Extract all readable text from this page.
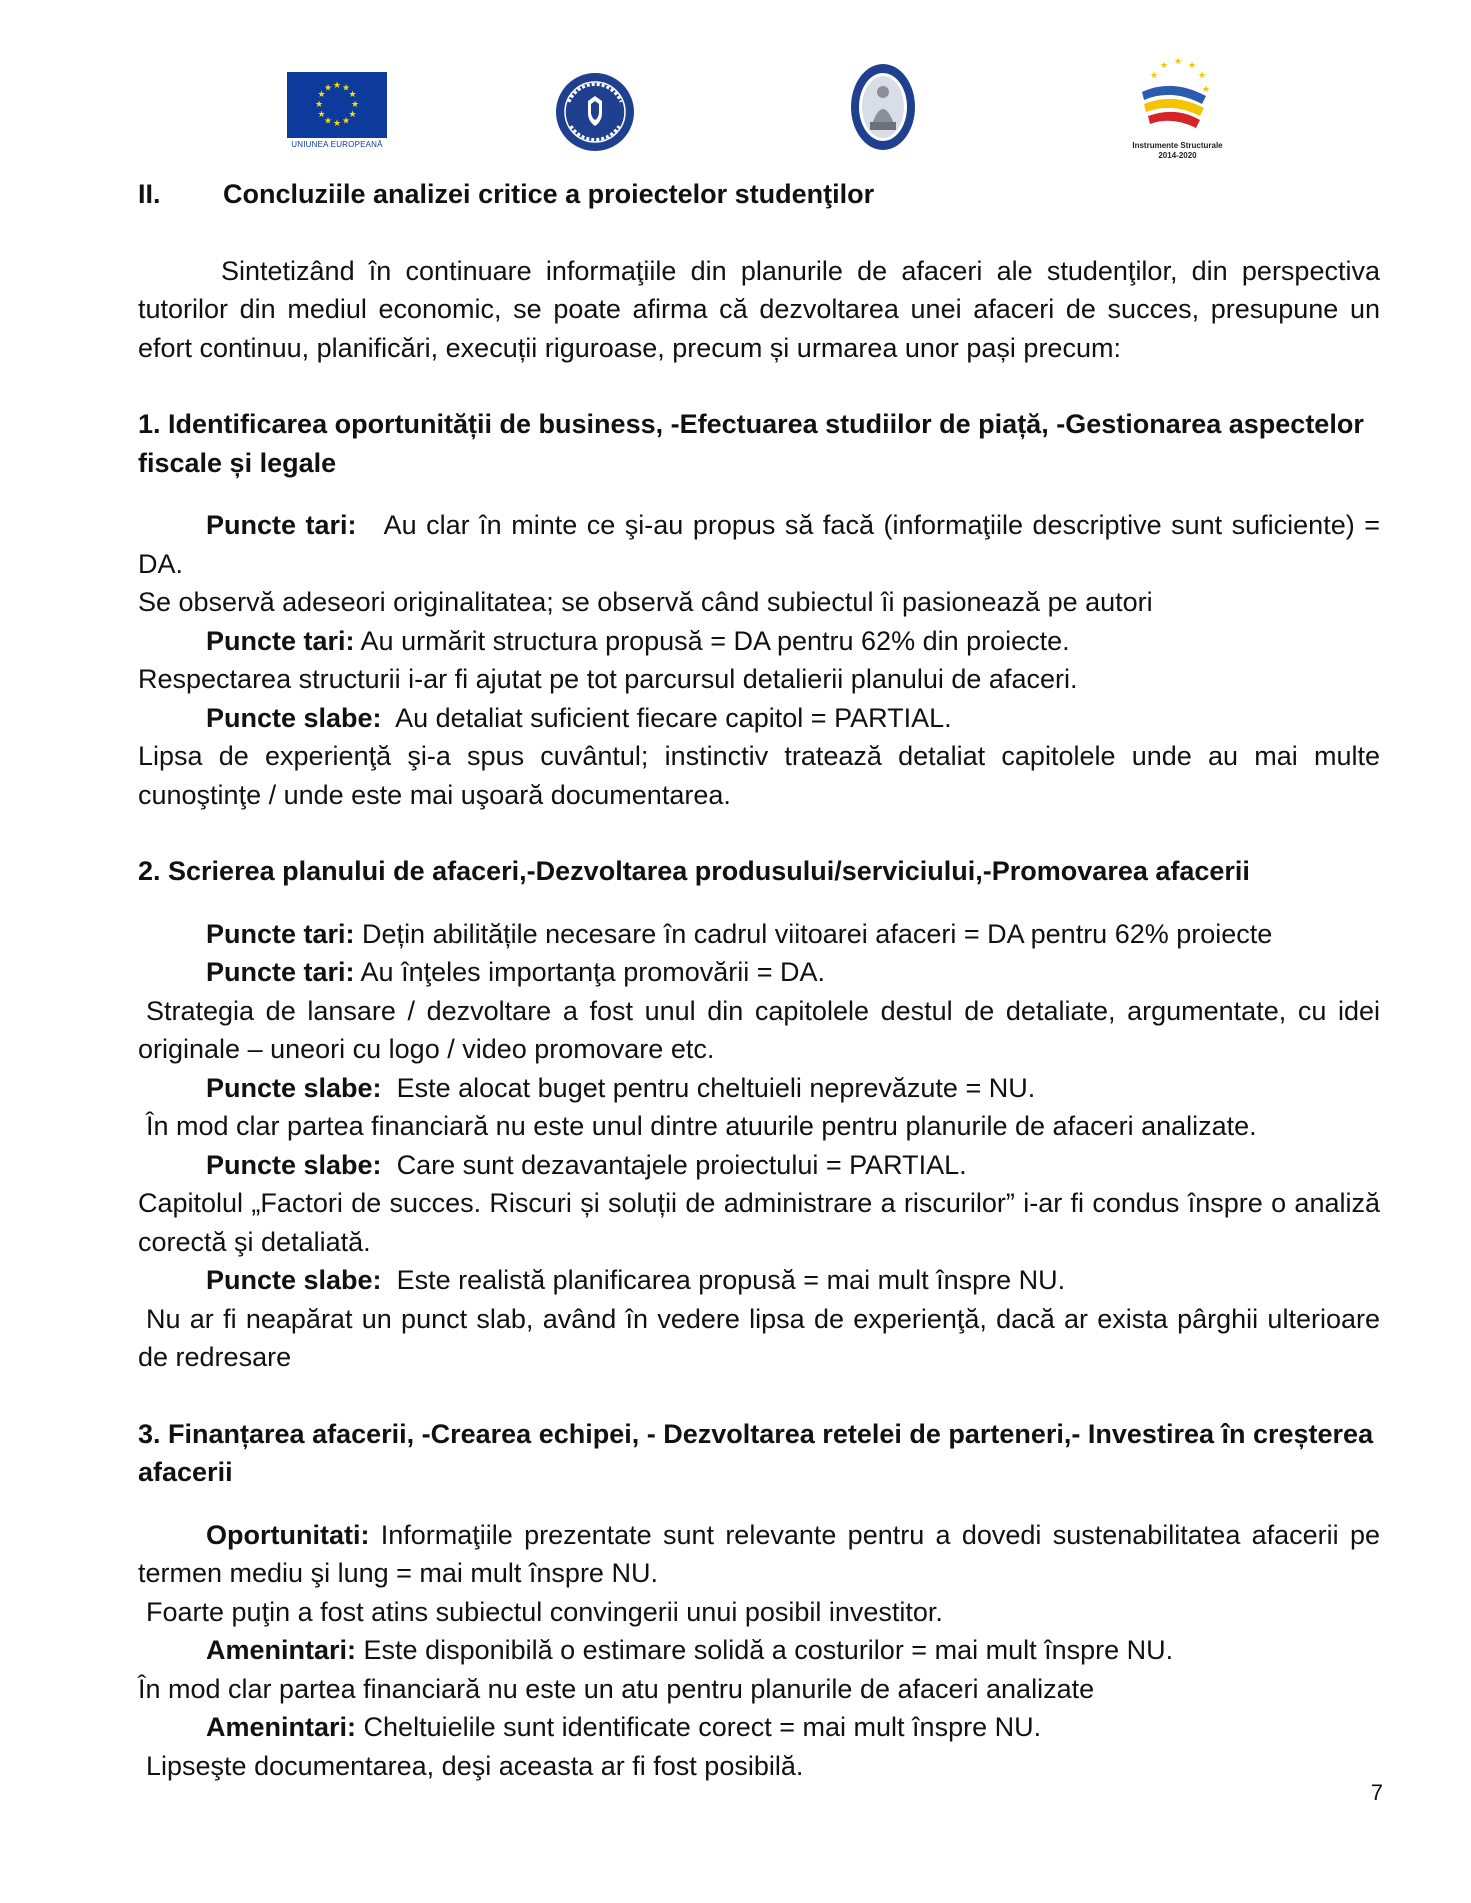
★ ★
★
★
★
★
★
★
★
★
★
★
UNIUNEA EUROPEANĂ
★ ★
★
★
★
★
Instrumente Structurale
2014-2020

II. Concluziile analizei critice a proiectelor studenţilor

Sintetizând în continuare informaţiile din planurile de afaceri ale studenţilor, din perspectiva tutorilor din mediul economic, se poate afirma că dezvoltarea unei afaceri de succes, presupune un efort continuu, planificări, execuții riguroase, precum și urmarea unor pași precum:

1. Identificarea oportunității de business, -Efectuarea studiilor de piață, -Gestionarea aspectelor fiscale și legale

Puncte tari: Au clar în minte ce şi-au propus să facă (informaţiile descriptive sunt suficiente) = DA.

Se observă adeseori originalitatea; se observă când subiectul îi pasionează pe autori

Puncte tari: Au urmărit structura propusă = DA pentru 62% din proiecte.

Respectarea structurii i-ar fi ajutat pe tot parcursul detalierii planului de afaceri.

Puncte slabe: Au detaliat suficient fiecare capitol = PARTIAL.

Lipsa de experienţă şi-a spus cuvântul; instinctiv tratează detaliat capitolele unde au mai multe cunoştinţe / unde este mai uşoară documentarea.

2. Scrierea planului de afaceri,-Dezvoltarea produsului/serviciului,-Promovarea afacerii

Puncte tari: Dețin abilitățile necesare în cadrul viitoarei afaceri = DA pentru 62% proiecte

Puncte tari: Au înţeles importanţa promovării = DA.

Strategia de lansare / dezvoltare a fost unul din capitolele destul de detaliate, argumentate, cu idei originale – uneori cu logo / video promovare etc.

Puncte slabe: Este alocat buget pentru cheltuieli neprevăzute = NU.

În mod clar partea financiară nu este unul dintre atuurile pentru planurile de afaceri analizate.

Puncte slabe: Care sunt dezavantajele proiectului = PARTIAL.

Capitolul „Factori de succes. Riscuri și soluții de administrare a riscurilor” i-ar fi condus înspre o analiză corectă şi detaliată.

Puncte slabe: Este realistă planificarea propusă = mai mult înspre NU.

Nu ar fi neapărat un punct slab, având în vedere lipsa de experienţă, dacă ar exista pârghii ulterioare de redresare

3. Finanțarea afacerii, -Crearea echipei, - Dezvoltarea retelei de parteneri,- Investirea în creșterea afacerii

Oportunitati: Informaţiile prezentate sunt relevante pentru a dovedi sustenabilitatea afacerii pe termen mediu şi lung = mai mult înspre NU.

Foarte puţin a fost atins subiectul convingerii unui posibil investitor.

Amenintari: Este disponibilă o estimare solidă a costurilor = mai mult înspre NU.

În mod clar partea financiară nu este un atu pentru planurile de afaceri analizate

Amenintari: Cheltuielile sunt identificate corect = mai mult înspre NU.

Lipseşte documentarea, deşi aceasta ar fi fost posibilă.

7
